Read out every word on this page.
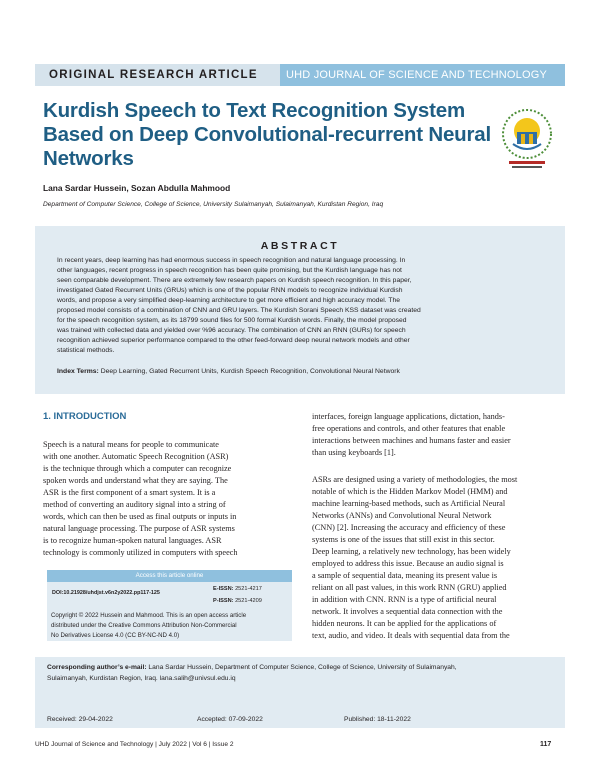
ORIGINAL RESEARCH ARTICLE	UHD JOURNAL OF SCIENCE AND TECHNOLOGY
Kurdish Speech to Text Recognition System
Based on Deep Convolutional-recurrent Neural
Networks
Lana Sardar Hussein, Sozan Abdulla Mahmood
Department of Computer Science, College of Science, University Sulaimanyah, Sulaimanyah, Kurdistan Region, Iraq
ABSTRACT
In recent years, deep learning has had enormous success in speech recognition and natural language processing. In
other languages, recent progress in speech recognition has been quite promising, but the Kurdish language has not
seen comparable development. There are extremely few research papers on Kurdish speech recognition. In this paper,
investigated Gated Recurrent Units (GRUs) which is one of the popular RNN models to recognize individual Kurdish
words, and propose a very simplified deep-learning architecture to get more efficient and high accuracy model. The
proposed model consists of a combination of CNN and GRU layers. The Kurdish Sorani Speech KSS dataset was created
for the speech recognition system, as its 18799 sound files for 500 formal Kurdish words. Finally, the model proposed
was trained with collected data and yielded over %96 accuracy. The combination of CNN an RNN (GURs) for speech
recognition achieved superior performance compared to the other feed-forward deep neural network models and other
statistical methods.
Index Terms: Deep Learning, Gated Recurrent Units, Kurdish Speech Recognition, Convolutional Neural Network
1. INTRODUCTION
Speech is a natural means for people to communicate
with one another. Automatic Speech Recognition (ASR)
is the technique through which a computer can recognize
spoken words and understand what they are saying. The
ASR is the first component of a smart system. It is a
method of converting an auditory signal into a string of
words, which can then be used as final outputs or inputs in
natural language processing. The purpose of ASR systems
is to recognize human-spoken natural languages. ASR
technology is commonly utilized in computers with speech
Access this article online
DOI:10.21928/uhdjst.v6n2y2022.pp117-125
E-ISSN: 2521-4217
P-ISSN: 2521-4209
Copyright © 2022 Hussein and Mahmood. This is an open access article
distributed under the Creative Commons Attribution Non-Commercial
No Derivatives License 4.0 (CC BY-NC-ND 4.0)
interfaces, foreign language applications, dictation, hands-
free operations and controls, and other features that enable
interactions between machines and humans faster and easier
than using keyboards [1].
ASRs are designed using a variety of methodologies, the most
notable of which is the Hidden Markov Model (HMM) and
machine learning-based methods, such as Artificial Neural
Networks (ANNs) and Convolutional Neural Network
(CNN) [2]. Increasing the accuracy and efficiency of these
systems is one of the issues that still exist in this sector.
Deep learning, a relatively new technology, has been widely
employed to address this issue. Because an audio signal is
a sample of sequential data, meaning its present value is
reliant on all past values, in this work RNN (GRU) applied
in addition with CNN. RNN is a type of artificial neural
network. It involves a sequential data connection with the
hidden neurons. It can be applied for the applications of
text, audio, and video. It deals with sequential data from the
Corresponding author’s e-mail: Lana Sardar Hussein, Department of Computer Science, College of Science, University of Sulaimanyah,
Sulaimanyah, Kurdistan Region, Iraq. lana.salih@univsul.edu.iq
Received: 29-04-2022	Accepted: 07-09-2022	Published: 18-11-2022
UHD Journal of Science and Technology | July 2022 | Vol 6 | Issue 2	117
